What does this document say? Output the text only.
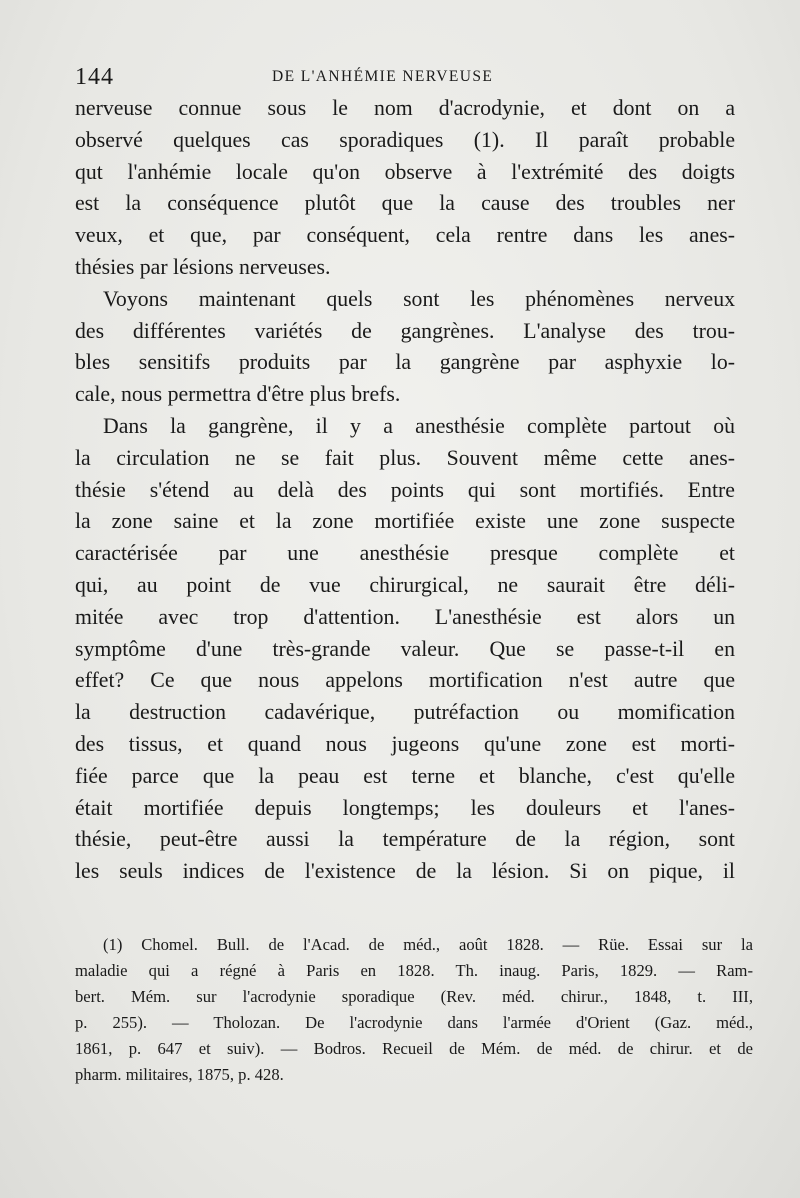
144	DE L'ANHÉMIE NERVEUSE
nerveuse connue sous le nom d'acrodynie, et dont on a
observé quelques cas sporadiques (1). Il paraît probable
qut l'anhémie locale qu'on observe à l'extrémité des doigts
est la conséquence plutôt que la cause des troubles ner
veux, et que, par conséquent, cela rentre dans les anes-
thésies par lésions nerveuses.
Voyons maintenant quels sont les phénomènes nerveux
des différentes variétés de gangrènes. L'analyse des trou-
bles sensitifs produits par la gangrène par asphyxie lo-
cale, nous permettra d'être plus brefs.
Dans la gangrène, il y a anesthésie complète partout où
la circulation ne se fait plus. Souvent même cette anes-
thésie s'étend au delà des points qui sont mortifiés. Entre
la zone saine et la zone mortifiée existe une zone suspecte
caractérisée par une anesthésie presque complète et
qui, au point de vue chirurgical, ne saurait être déli-
mitée avec trop d'attention. L'anesthésie est alors un
symptôme d'une très-grande valeur. Que se passe-t-il en
effet? Ce que nous appelons mortification n'est autre que
la destruction cadavérique, putréfaction ou momification
des tissus, et quand nous jugeons qu'une zone est morti-
fiée parce que la peau est terne et blanche, c'est qu'elle
était mortifiée depuis longtemps; les douleurs et l'anes-
thésie, peut-être aussi la température de la région, sont
les seuls indices de l'existence de la lésion. Si on pique, il
(1) Chomel. Bull. de l'Acad. de méd., août 1828. — Rüe. Essai sur la
maladie qui a régné à Paris en 1828. Th. inaug. Paris, 1829. — Ram-
bert. Mém. sur l'acrodynie sporadique (Rev. méd. chirur., 1848, t. III,
p. 255). — Tholozan. De l'acrodynie dans l'armée d'Orient (Gaz. méd.,
1861, p. 647 et suiv). — Bodros. Recueil de Mém. de méd. de chirur. et de
pharm. militaires, 1875, p. 428.
